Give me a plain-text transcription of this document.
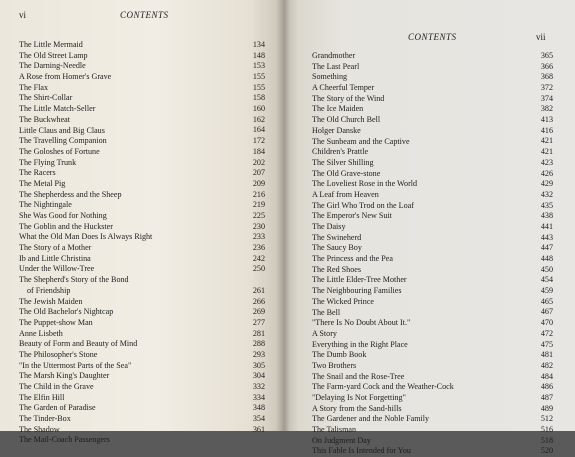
vi	CONTENTS
The Little Mermaid	134
The Old Street Lamp	148
The Darning-Needle	153
A Rose from Homer's Grave	155
The Flax	155
The Shirt-Collar	158
The Little Match-Seller	160
The Buckwheat	162
Little Claus and Big Claus	164
The Travelling Companion	172
The Goloshes of Fortune	184
The Flying Trunk	202
The Racers	207
The Metal Pig	209
The Shepherdess and the Sheep	216
The Nightingale	219
She Was Good for Nothing	225
The Goblin and the Huckster	230
What the Old Man Does Is Always Right	233
The Story of a Mother	236
Ib and Little Christina	242
Under the Willow-Tree	250
The Shepherd's Story of the Bond
of Friendship	261
The Jewish Maiden	266
The Old Bachelor's Nightcap	269
The Puppet-show Man	277
Anne Lisbeth	281
Beauty of Form and Beauty of Mind	288
The Philosopher's Stone	293
"In the Uttermost Parts of the Sea"	305
The Marsh King's Daughter	304
The Child in the Grave	332
The Elfin Hill	334
The Garden of Paradise	348
The Tinder-Box	354
The Shadow	361
The Mail-Coach Passengers
CONTENTS	vii
Grandmother	365
The Last Pearl	366
Something	368
A Cheerful Temper	372
The Story of the Wind	374
The Ice Maiden	382
The Old Church Bell	413
Holger Danske	416
The Sunbeam and the Captive	421
Children's Prattle	421
The Silver Shilling	423
The Old Grave-stone	426
The Loveliest Rose in the World	429
A Leaf from Heaven	432
The Girl Who Trod on the Loaf	435
The Emperor's New Suit	438
The Daisy	441
The Swineherd	443
The Saucy Boy	447
The Princess and the Pea	448
The Red Shoes	450
The Little Elder-Tree Mother	454
The Neighbouring Families	459
The Wicked Prince	465
The Bell	467
"There Is No Doubt About It."	470
A Story	472
Everything in the Right Place	475
The Dumb Book	481
Two Brothers	482
The Snail and the Rose-Tree	484
The Farm-yard Cock and the Weather-Cock	486
"Delaying Is Not Forgetting"	487
A Story from the Sand-hills	489
The Gardener and the Noble Family	512
The Talisman	516
On Judgment Day	518
This Fable Is Intended for You	520
